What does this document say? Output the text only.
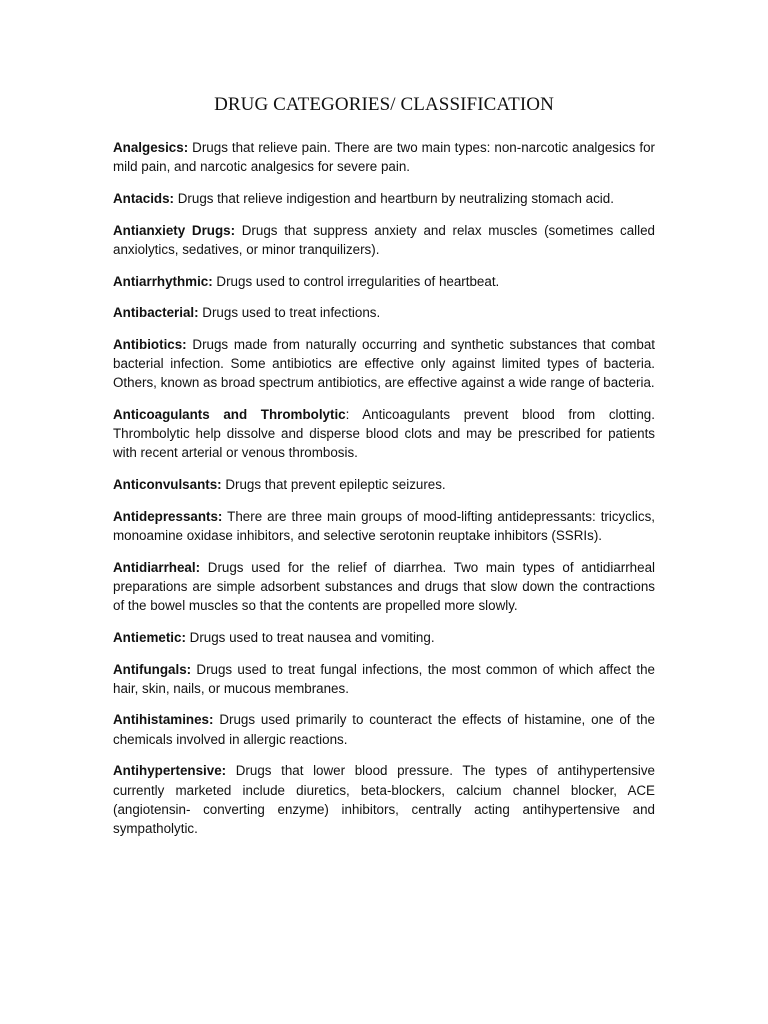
DRUG CATEGORIES/ CLASSIFICATION

Analgesics: Drugs that relieve pain. There are two main types: non-narcotic analgesics for mild pain, and narcotic analgesics for severe pain.

Antacids: Drugs that relieve indigestion and heartburn by neutralizing stomach acid.

Antianxiety Drugs: Drugs that suppress anxiety and relax muscles (sometimes called anxiolytics, sedatives, or minor tranquilizers).

Antiarrhythmic: Drugs used to control irregularities of heartbeat.

Antibacterial: Drugs used to treat infections.

Antibiotics: Drugs made from naturally occurring and synthetic substances that combat bacterial infection. Some antibiotics are effective only against limited types of bacteria. Others, known as broad spectrum antibiotics, are effective against a wide range of bacteria.

Anticoagulants and Thrombolytic: Anticoagulants prevent blood from clotting. Thrombolytic help dissolve and disperse blood clots and may be prescribed for patients with recent arterial or venous thrombosis.

Anticonvulsants: Drugs that prevent epileptic seizures.

Antidepressants: There are three main groups of mood-lifting antidepressants: tricyclics, monoamine oxidase inhibitors, and selective serotonin reuptake inhibitors (SSRIs).

Antidiarrheal: Drugs used for the relief of diarrhea. Two main types of antidiarrheal preparations are simple adsorbent substances and drugs that slow down the contractions of the bowel muscles so that the contents are propelled more slowly.

Antiemetic: Drugs used to treat nausea and vomiting.

Antifungals: Drugs used to treat fungal infections, the most common of which affect the hair, skin, nails, or mucous membranes.

Antihistamines: Drugs used primarily to counteract the effects of histamine, one of the chemicals involved in allergic reactions.

Antihypertensive: Drugs that lower blood pressure. The types of antihypertensive currently marketed include diuretics, beta-blockers, calcium channel blocker, ACE (angiotensin- converting enzyme) inhibitors, centrally acting antihypertensive and sympatholytic.
